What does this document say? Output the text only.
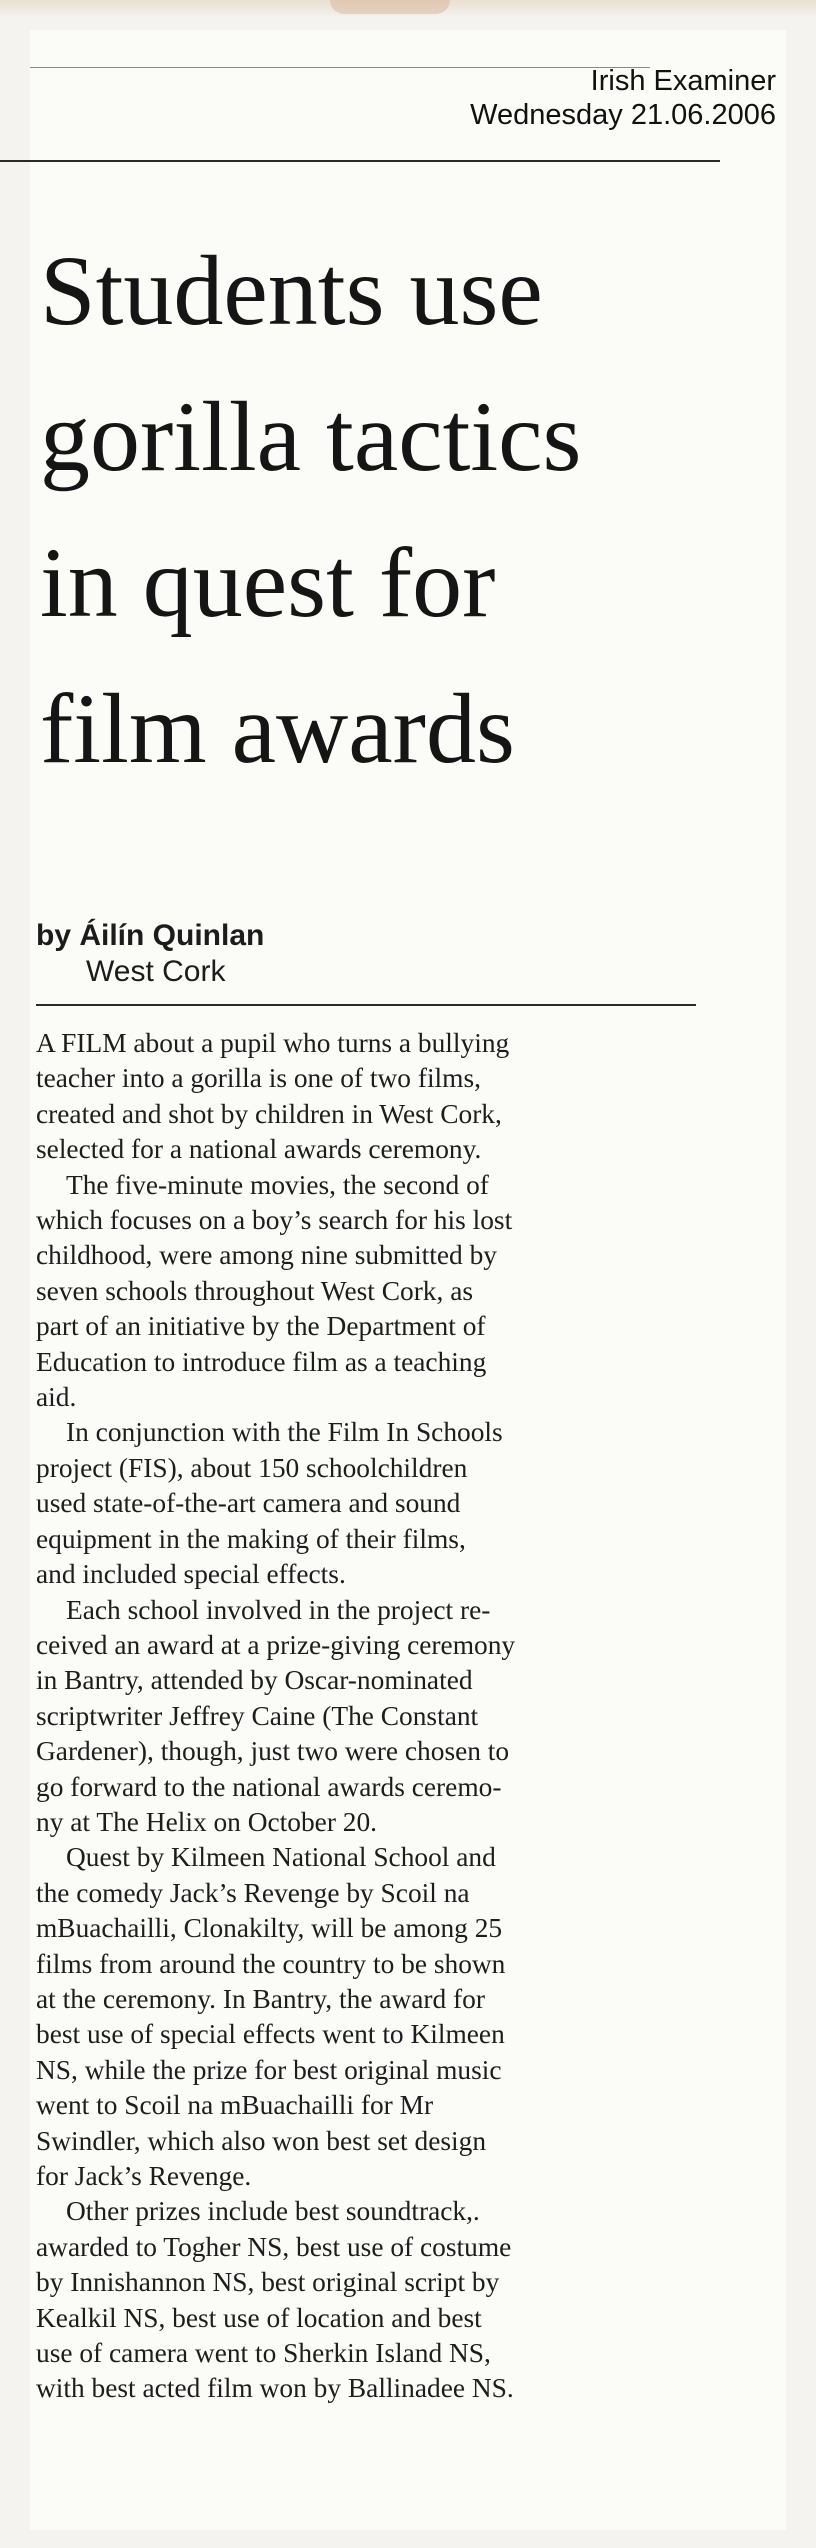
Irish Examiner
Wednesday 21.06.2006
Students use
gorilla tactics
in quest for
film awards
by Áilín Quinlan
West Cork
A FILM about a pupil who turns a bullying
teacher into a gorilla is one of two films,
created and shot by children in West Cork,
selected for a national awards ceremony.
The five-minute movies, the second of
which focuses on a boy’s search for his lost
childhood, were among nine submitted by
seven schools throughout West Cork, as
part of an initiative by the Department of
Education to introduce film as a teaching
aid.
In conjunction with the Film In Schools
project (FIS), about 150 schoolchildren
used state-of-the-art camera and sound
equipment in the making of their films,
and included special effects.
Each school involved in the project re-
ceived an award at a prize-giving ceremony
in Bantry, attended by Oscar-nominated
scriptwriter Jeffrey Caine (The Constant
Gardener), though, just two were chosen to
go forward to the national awards ceremo-
ny at The Helix on October 20.
Quest by Kilmeen National School and
the comedy Jack’s Revenge by Scoil na
mBuachailli, Clonakilty, will be among 25
films from around the country to be shown
at the ceremony. In Bantry, the award for
best use of special effects went to Kilmeen
NS, while the prize for best original music
went to Scoil na mBuachailli for Mr
Swindler, which also won best set design
for Jack’s Revenge.
Other prizes include best soundtrack,.
awarded to Togher NS, best use of costume
by Innishannon NS, best original script by
Kealkil NS, best use of location and best
use of camera went to Sherkin Island NS,
with best acted film won by Ballinadee NS.
